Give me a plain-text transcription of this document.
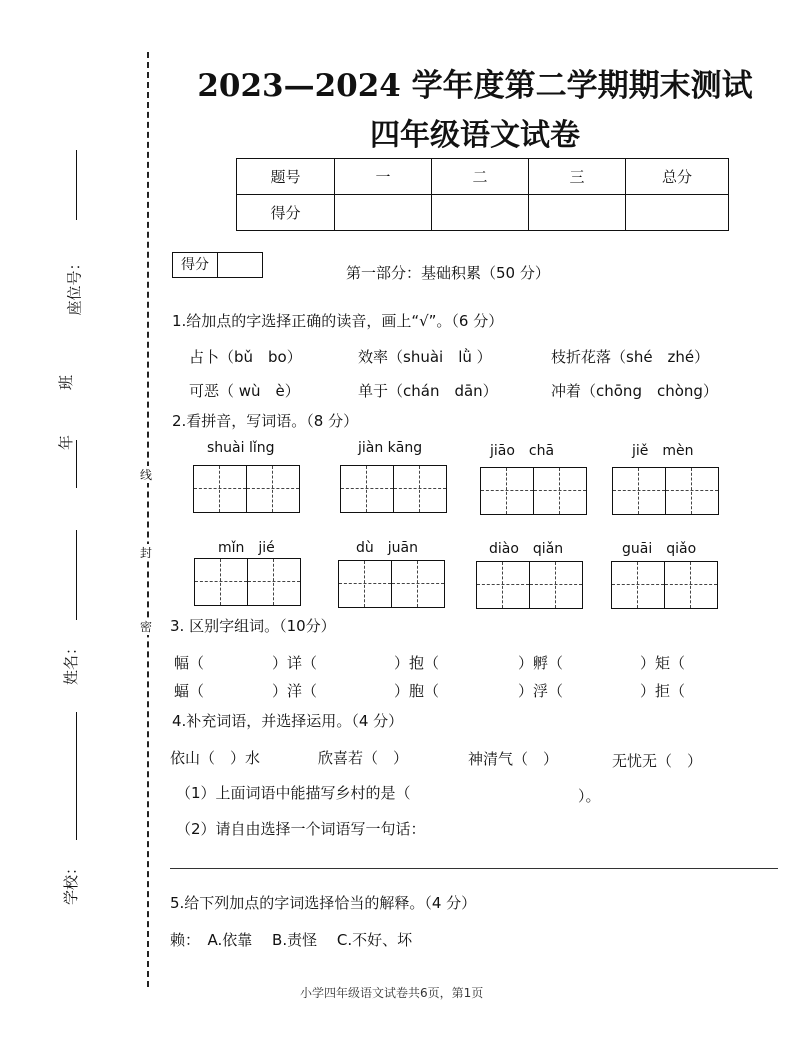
座位号：
班
年
姓名：
学校：
线
封
密
2023—2024 学年度第二学期期末测试
四年级语文试卷
题号	一	二	三	总分
得分				
得分	第一部分：基础积累（50 分）
1.给加点的字选择正确的读音，画上“√”。（6 分）
占卜（bǔ　bo）	效率（shuài　lǜ ）	枝折花落（shé　zhé）
可恶（ wù　è）	单于（chán　dān）	冲着（chōng　chòng）
2.看拼音，写词语。（8 分）
shuài lǐng	jiàn kāng	jiāo　chā	jiě　mèn
mǐn　jié	dù　juān	diào　qiǎn	guāi　qiǎo
3. 区别字组词。（10分）
幅（	）详（	）抱（	）孵（	）矩（
蝠（	）洋（	）胞（	）浮（	）拒（
4.补充词语，并选择运用。（4 分）
依山（　）水	欣喜若（　）	神清气（　）	无忧无（　）
（1）上面词语中能描写乡村的是（	）。
（2）请自由选择一个词语写一句话：
5.给下列加点的字词选择恰当的解释。（4 分）
赖：　A.依靠　 B.责怪　 C.不好、坏
小学四年级语文试卷共6页，第1页
